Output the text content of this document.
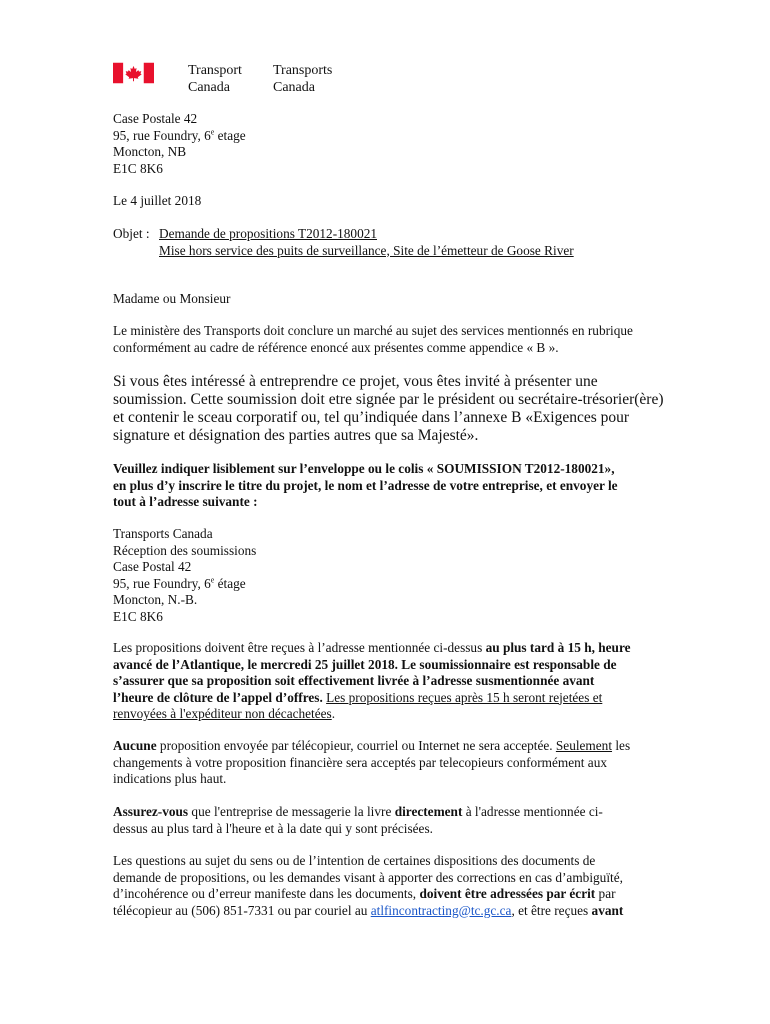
Transport
Canada
Transports
Canada
Case Postale 42
95, rue Foundry, 6e etage
Moncton, NB
E1C 8K6
Le 4 juillet 2018
Objet : Demande de propositions T2012-180021
Mise hors service des puits de surveillance, Site de l’émetteur de Goose River
Madame ou Monsieur
Le ministère des Transports doit conclure un marché au sujet des services mentionnés en rubrique
conformément au cadre de référence enoncé aux présentes comme appendice « B ».
Si vous êtes intéressé à entreprendre ce projet, vous êtes invité à présenter une
soumission. Cette soumission doit etre signée par le président ou secrétaire-trésorier(ère)
et contenir le sceau corporatif ou, tel qu’indiquée dans l’annexe B «Exigences pour
signature et désignation des parties autres que sa Majesté».
Veuillez indiquer lisiblement sur l’enveloppe ou le colis « SOUMISSION T2012-180021»,
en plus d’y inscrire le titre du projet, le nom et l’adresse de votre entreprise, et envoyer le
tout à l’adresse suivante :
Transports Canada
Réception des soumissions
Case Postal 42
95, rue Foundry, 6e étage
Moncton, N.-B.
E1C 8K6
Les propositions doivent être reçues à l’adresse mentionnée ci-dessus au plus tard à 15 h, heure
avancé de l’Atlantique, le mercredi 25 juillet 2018. Le soumissionnaire est responsable de
s’assurer que sa proposition soit effectivement livrée à l’adresse susmentionnée avant
l’heure de clôture de l’appel d’offres. Les propositions reçues après 15 h seront rejetées et
renvoyées à l'expéditeur non décachetées.
Aucune proposition envoyée par télécopieur, courriel ou Internet ne sera acceptée. Seulement les
changements à votre proposition financière sera acceptés par telecopieurs conformément aux
indications plus haut.
Assurez-vous que l'entreprise de messagerie la livre directement à l'adresse mentionnée ci-
dessus au plus tard à l'heure et à la date qui y sont précisées.
Les questions au sujet du sens ou de l’intention de certaines dispositions des documents de
demande de propositions, ou les demandes visant à apporter des corrections en cas d’ambiguïté,
d’incohérence ou d’erreur manifeste dans les documents, doivent être adressées par écrit par
télécopieur au (506) 851-7331 ou par couriel au atlfincontracting@tc.gc.ca, et être reçues avant
